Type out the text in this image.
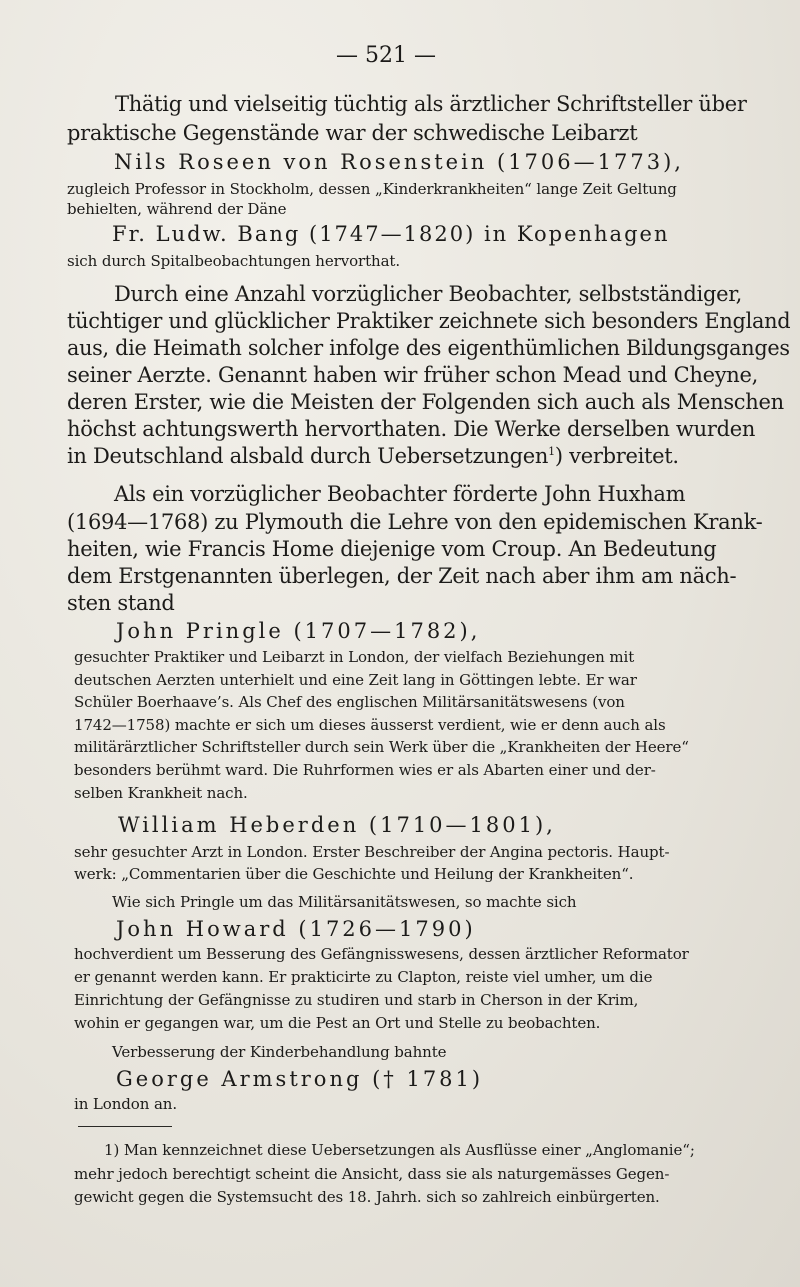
— 521 —
Thätig und vielseitig tüchtig als ärztlicher Schriftsteller über
praktische Gegenstände war der schwedische Leibarzt
Nils Roseen von Rosenstein (1706—1773),
zugleich Professor in Stockholm, dessen „Kinderkrankheiten“ lange Zeit Geltung
behielten, während der Däne
Fr. Ludw. Bang (1747—1820) in Kopenhagen
sich durch Spitalbeobachtungen hervorthat.
Durch eine Anzahl vorzüglicher Beobachter, selbstständiger,
tüchtiger und glücklicher Praktiker zeichnete sich besonders England
aus, die Heimath solcher infolge des eigenthümlichen Bildungsganges
seiner Aerzte. Genannt haben wir früher schon Mead und Cheyne,
deren Erster, wie die Meisten der Folgenden sich auch als Menschen
höchst achtungswerth hervorthaten. Die Werke derselben wurden
in Deutschland alsbald durch Uebersetzungen$^1$) verbreitet.
Als ein vorzüglicher Beobachter förderte John Huxham
(1694—1768) zu Plymouth die Lehre von den epidemischen Krank-
heiten, wie Francis Home diejenige vom Croup. An Bedeutung
dem Erstgenannten überlegen, der Zeit nach aber ihm am näch-
sten stand
John Pringle (1707—1782),
gesuchter Praktiker und Leibarzt in London, der vielfach Beziehungen mit
deutschen Aerzten unterhielt und eine Zeit lang in Göttingen lebte. Er war
Schüler Boerhaave’s. Als Chef des englischen Militärsanitätswesens (von
1742—1758) machte er sich um dieses äusserst verdient, wie er denn auch als
militärärztlicher Schriftsteller durch sein Werk über die „Krankheiten der Heere“
besonders berühmt ward. Die Ruhrformen wies er als Abarten einer und der-
selben Krankheit nach.
William Heberden (1710—1801),
sehr gesuchter Arzt in London. Erster Beschreiber der Angina pectoris. Haupt-
werk: „Commentarien über die Geschichte und Heilung der Krankheiten“.
Wie sich Pringle um das Militärsanitätswesen, so machte sich
John Howard (1726—1790)
hochverdient um Besserung des Gefängnisswesens, dessen ärztlicher Reformator
er genannt werden kann. Er prakticirte zu Clapton, reiste viel umher, um die
Einrichtung der Gefängnisse zu studiren und starb in Cherson in der Krim,
wohin er gegangen war, um die Pest an Ort und Stelle zu beobachten.
Verbesserung der Kinderbehandlung bahnte
George Armstrong († 1781)
in London an.
1) Man kennzeichnet diese Uebersetzungen als Ausflüsse einer „Anglomanie“;
mehr jedoch berechtigt scheint die Ansicht, dass sie als naturgemässes Gegen-
gewicht gegen die Systemsucht des 18. Jahrh. sich so zahlreich einbürgerten.
